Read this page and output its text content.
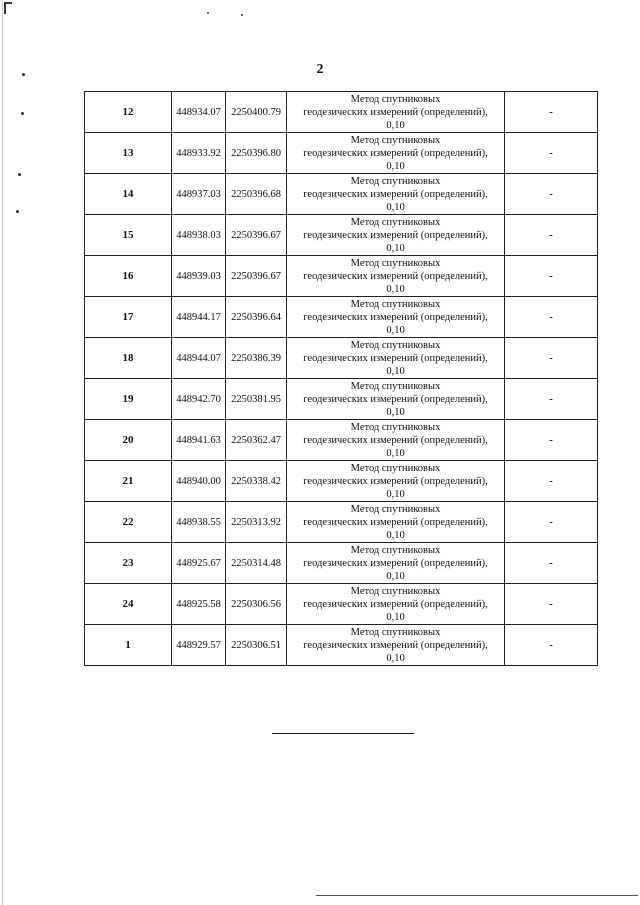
2
12	448934.07	2250400.79	Метод спутниковых
геодезических измерений (определений),
0,10	-
13	448933.92	2250396.80	Метод спутниковых
геодезических измерений (определений),
0,10	-
14	448937.03	2250396.68	Метод спутниковых
геодезических измерений (определений),
0,10	-
15	448938.03	2250396.67	Метод спутниковых
геодезических измерений (определений),
0,10	-
16	448939.03	2250396.67	Метод спутниковых
геодезических измерений (определений),
0,10	-
17	448944.17	2250396.64	Метод спутниковых
геодезических измерений (определений),
0,10	-
18	448944.07	2250386.39	Метод спутниковых
геодезических измерений (определений),
0,10	-
19	448942.70	2250381.95	Метод спутниковых
геодезических измерений (определений),
0,10	-
20	448941.63	2250362.47	Метод спутниковых
геодезических измерений (определений),
0,10	-
21	448940.00	2250338.42	Метод спутниковых
геодезических измерений (определений),
0,10	-
22	448938.55	2250313.92	Метод спутниковых
геодезических измерений (определений),
0,10	-
23	448925.67	2250314.48	Метод спутниковых
геодезических измерений (определений),
0,10	-
24	448925.58	2250306.56	Метод спутниковых
геодезических измерений (определений),
0,10	-
1	448929.57	2250306.51	Метод спутниковых
геодезических измерений (определений),
0,10	-
